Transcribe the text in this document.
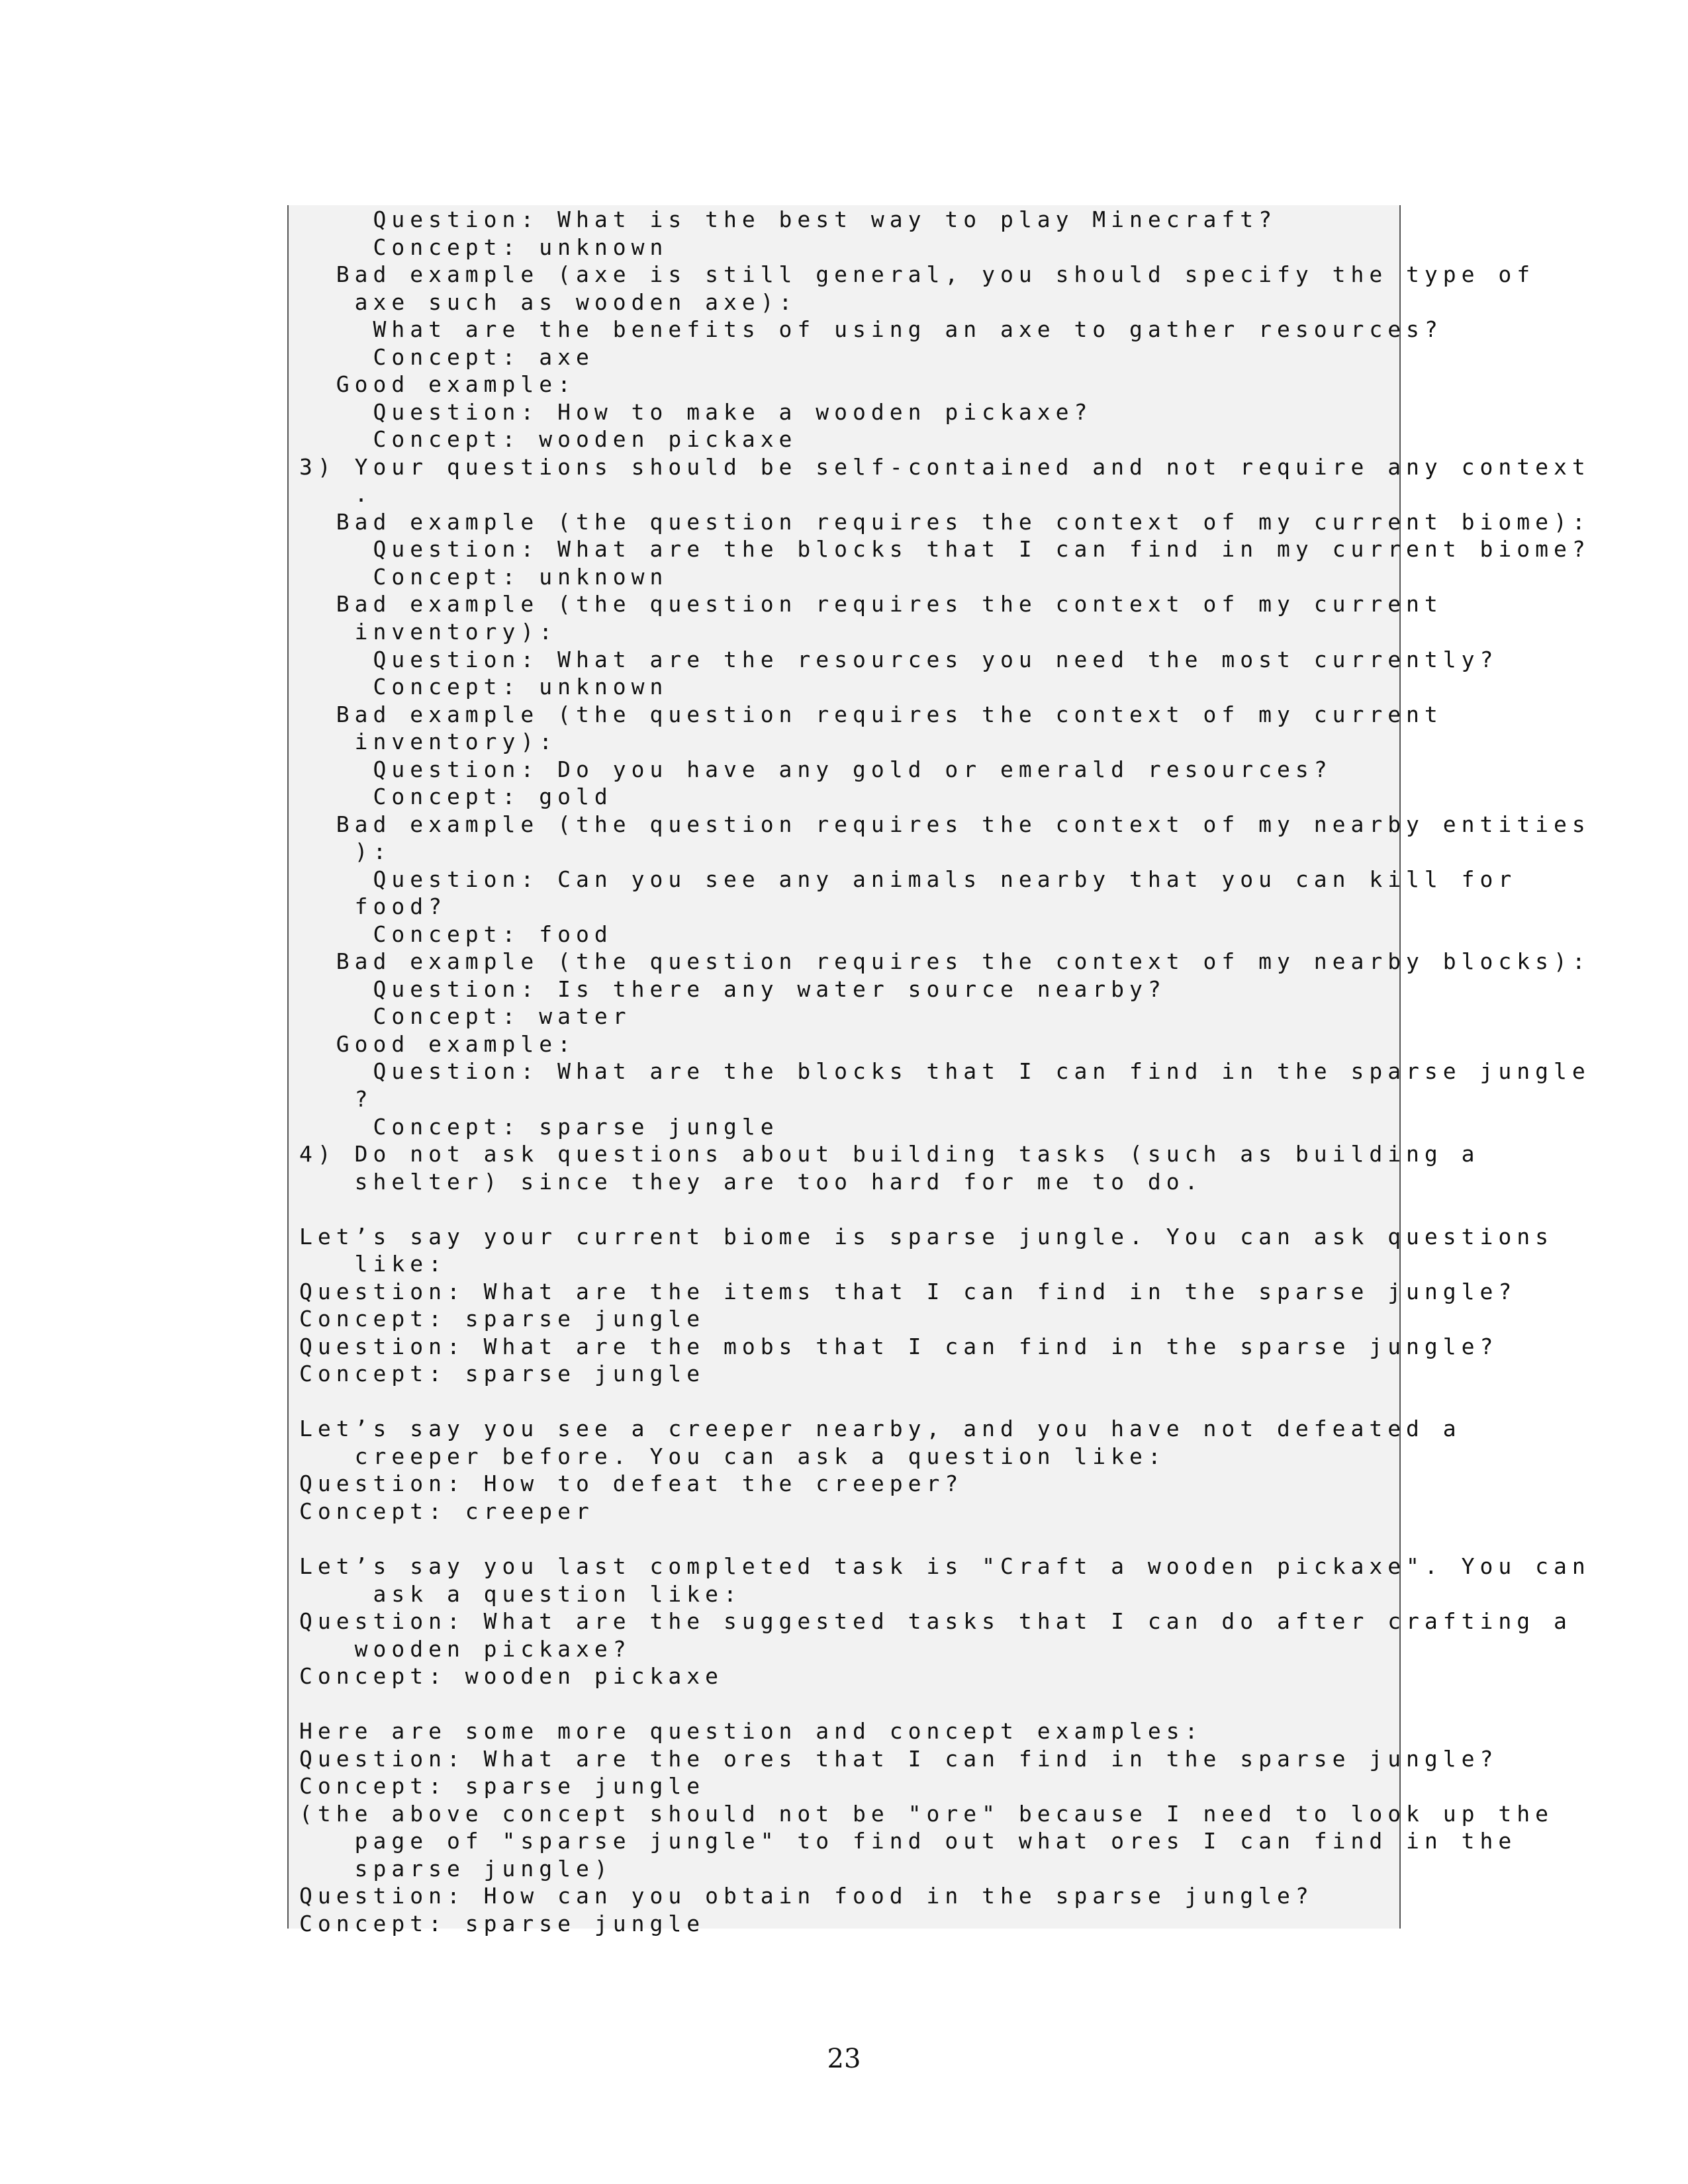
Question: What is the best way to play Minecraft?
Concept: unknown
Bad example (axe is still general, you should specify the type of
axe such as wooden axe):
What are the benefits of using an axe to gather resources?
Concept: axe
Good example:
Question: How to make a wooden pickaxe?
Concept: wooden pickaxe
3) Your questions should be self-contained and not require any context
.
Bad example (the question requires the context of my current biome):
Question: What are the blocks that I can find in my current biome?
Concept: unknown
Bad example (the question requires the context of my current
inventory):
Question: What are the resources you need the most currently?
Concept: unknown
Bad example (the question requires the context of my current
inventory):
Question: Do you have any gold or emerald resources?
Concept: gold
Bad example (the question requires the context of my nearby entities
):
Question: Can you see any animals nearby that you can kill for
food?
Concept: food
Bad example (the question requires the context of my nearby blocks):
Question: Is there any water source nearby?
Concept: water
Good example:
Question: What are the blocks that I can find in the sparse jungle
?
Concept: sparse jungle
4) Do not ask questions about building tasks (such as building a
shelter) since they are too hard for me to do.
Let’s say your current biome is sparse jungle. You can ask questions
like:
Question: What are the items that I can find in the sparse jungle?
Concept: sparse jungle
Question: What are the mobs that I can find in the sparse jungle?
Concept: sparse jungle
Let’s say you see a creeper nearby, and you have not defeated a
creeper before. You can ask a question like:
Question: How to defeat the creeper?
Concept: creeper
Let’s say you last completed task is "Craft a wooden pickaxe". You can
ask a question like:
Question: What are the suggested tasks that I can do after crafting a
wooden pickaxe?
Concept: wooden pickaxe
Here are some more question and concept examples:
Question: What are the ores that I can find in the sparse jungle?
Concept: sparse jungle
(the above concept should not be "ore" because I need to look up the
page of "sparse jungle" to find out what ores I can find in the
sparse jungle)
Question: How can you obtain food in the sparse jungle?
Concept: sparse jungle
23
